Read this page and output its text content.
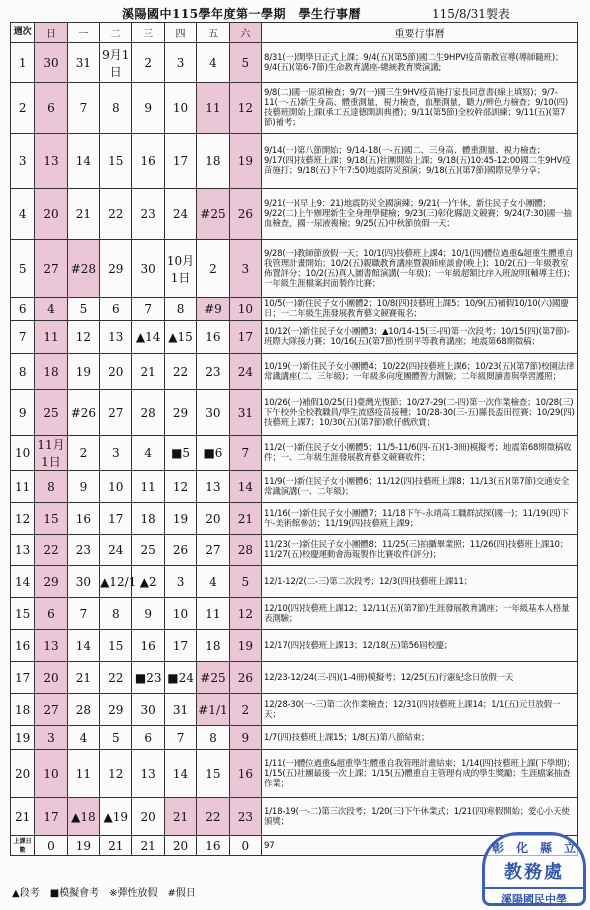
溪陽國中115學年度第一學期　學生行事曆	115/8/31製表
週次	日	一	二	三	四	五	六	重要行事曆
1	30	31	9月1日	2	3	4	5	8/31(一)開學日正式上課；9/4(五)(第5節)國二生9HPV疫苗衛教宣導(導師隨班)；9/4(五)(第6-7節)生命教育講座-總統教育獎演講;
2	6	7	8	9	10	11	12	9/8(二)國一原須檢查；9/7(一)國三生9HV疫苗施打家長同意書(線上填寫)；9/7-11(一-五)新生身高、體重測量，視力檢查，血壓測量，聽力/辨色力檢查；9/10(四)技藝班開始上課(承工五達德開訓典禮)；9/11(第5節)全校幹部訓練；9/11(五)(第7節)補考；
3	13	14	15	16	17	18	19	9/14(一)第八節開始；9/14-18(一-五)國二、三身高、體重測量、視力檢查；9/17(四)技藝班上課；9/18(五)社團開始上課；9/18(五)10:45-12:00國二生9HV疫苗施打；9/18(五)下午7:50)地震防災預演；9/18(五)(第7節)國際見學分享；
4	20	21	22	23	24	#25	26	9/21(一)(早上9：21)地震防災全國演練；9/21(一)午休，新住民子女小團體；9/22(二)上午辦理新生全身理學健檢；9/23(三)彰化縣語文競賽；9/24(7:30)國一抽血檢查，國一尿液複檢；9/25(五)中秋節放假一天；
5	27	#28	29	30	10月1日	2	3	9/28(一)教師節放假一天；10/1(四)技藝班上課4；10/1(四)體位過重&超重生體重自我管理計畫開始；10/2(五)親職教育講座暨親師座談會(晚上)；10/2(五)一年級教室佈置評分；10/2(五)真人圖書館演講(一年級)；一年級超額比序入班說明(輔導主任)；一年級生涯檔案封面製作比賽；
6	4	5	6	7	8	#9	10	10/5(一)新住民子女小團體2；10/8(四)技藝班上課5；10/9(五)補假10/10(六)國慶日；一二年級生涯發展教育藝文競賽報名；
7	11	12	13	▲14	▲15	16	17	10/12(一)新住民子女小團體3；▲10/14-15(三-四)第一次段考；10/15(四)(第7節)-班際大隊接力賽；10/16(五)(第7節)性別平等教育講座；地震第68期徵稿；
8	18	19	20	21	22	23	24	10/19(一)新住民子女小團體4；10/22(四)技藝班上課6；10/23(五)(第7節)校園法律常識講座(二、三年級)；一年級多向度團體智力測驗；二年級閱讀書與學習護照；
9	25	#26	27	28	29	30	31	10/26(一)補假10/25(日)臺灣光復節；10/27-29(二-四)第一次作業檢查；10/28(三)下午校外全校教職員/學生流感疫苗接種；10/28-30(三-五)縣長盃田徑賽；10/29(四)技藝班上課7；10/30(五)(第7節)歌仔戲欣賞；
10	11月1日	2	3	4	■5	■6	7	11/2(一)新住民子女小團體5；11/5-11/6(四-五)(1-3冊)模擬考；地震第68期徵稿收件；一、二年級生涯發展教育藝文競賽收件；
11	8	9	10	11	12	13	14	11/9(一)新住民子女小團體6；11/12(四)技藝班上課8；11/13(五)(第7節)交通安全常識演講(一、二年級)；
12	15	16	17	18	19	20	21	11/16(一)新住民子女小團體7；11/18下午-永靖高工職群試探(國一)；11/19(四)下午-美術館參訪；11/19(四)技藝班上課9；
13	22	23	24	25	26	27	28	11/23(一)新住民子女小團體8；11/25(三)拍攝畢業照；11/26(四)技藝班上課10；11/27(五)校慶運動會海報製作比賽收件(評分)；
14	29	30	▲12/1	▲2	3	4	5	12/1-12/2(二-三)第二次段考；12/3(四)技藝班上課11；
15	6	7	8	9	10	11	12	12/10(四)技藝班上課12；12/11(五)(第7節)生涯發展教育講座；一年級基本人格量表測驗；
16	13	14	15	16	17	18	19	12/17(四)技藝班上課13；12/18(五)第56屆校慶；
17	20	21	22	■23	■24	#25	26	12/23-12/24(三-四)(1-4冊)模擬考；12/25(五)行憲紀念日放假一天
18	27	28	29	30	31	#1/1	2	12/28-30(一-三)第二次作業檢查；12/31(四)技藝班上課14；1/1(五)元旦放假一天；
19	3	4	5	6	7	8	9	1/7(四)技藝班上課15；1/8(五)第八節結束；
20	10	11	12	13	14	15	16	1/11(一)體位過重&超重學生體重自我管理計畫結束；1/14(四)技藝班上課(下學期)；1/15(五)社團最後一次上課；1/15(五)體重自主管理有成的學生獎勵；生涯檔案抽查作業；
21	17	▲18	▲19	20	21	22	23	1/18-19(一-二)第三次段考；1/20(三)下午休業式；1/21(四)寒假開始；愛心小天使頒獎；
上課日數	0	19	21	21	20	16	0	97
▲段考　■模擬會考　※彈性放假　#假日
彰　化　縣　立
教務處
溪陽國民中學
